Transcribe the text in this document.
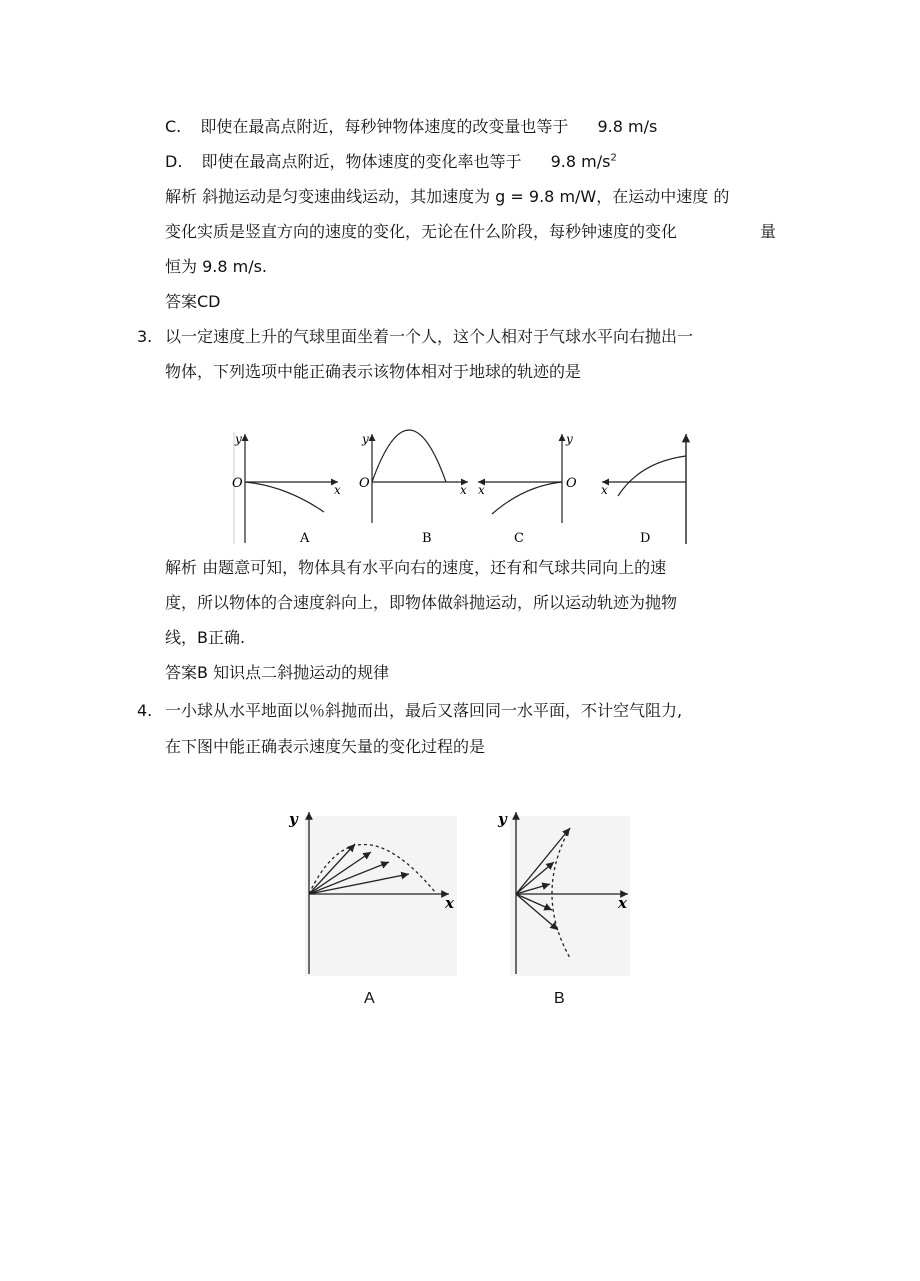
C. 即使在最高点附近，每秒钟物体速度的改变量也等于 9.8 m/s
D. 即使在最高点附近，物体速度的变化率也等于 9.8 $m/s^2$
解析 斜抛运动是匀变速曲线运动，其加速度为 g = 9.8 m/W，在运动中速度 的
变化实质是竖直方向的速度的变化，无论在什么阶段，每秒钟速度的变化	量
恒为 9.8 m/s.
答案CD
3. 以一定速度上升的气球里面坐着一个人，这个人相对于气球水平向右抛出一
物体，下列选项中能正确表示该物体相对于地球的轨迹的是
y
O	x
A
y
O	x
B
y
O
x
C
x
D
解析 由题意可知，物体具有水平向右的速度，还有和气球共同向上的速
度，所以物体的合速度斜向上，即物体做斜抛运动，所以运动轨迹为抛物
线，B正确.
答案B 知识点二斜抛运动的规律
4. 一小球从水平地面以％斜抛而出，最后又落回同一水平面，不计空气阻力,
在下图中能正确表示速度矢量的变化过程的是
y
x
A
y
x
B
